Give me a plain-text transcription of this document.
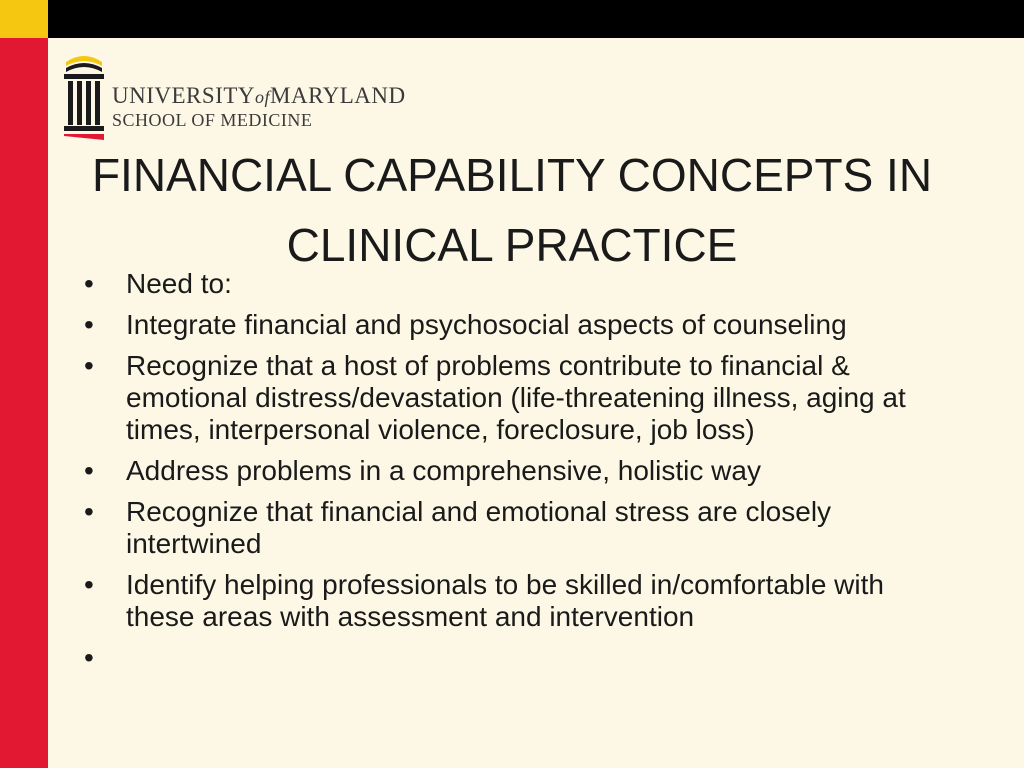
UNIVERSITYofMARYLAND
SCHOOL OF MEDICINE
FINANCIAL CAPABILITY CONCEPTS IN CLINICAL PRACTICE
•	Need to:
•	Integrate financial and psychosocial aspects of counseling
•	Recognize that a host of problems contribute to financial & emotional distress/devastation (life-threatening illness, aging at times, interpersonal violence, foreclosure, job loss)
•	Address problems in a comprehensive, holistic way
•	Recognize that financial and emotional stress are closely intertwined
•	Identify helping professionals to be skilled in/comfortable with these areas with assessment and intervention
•
